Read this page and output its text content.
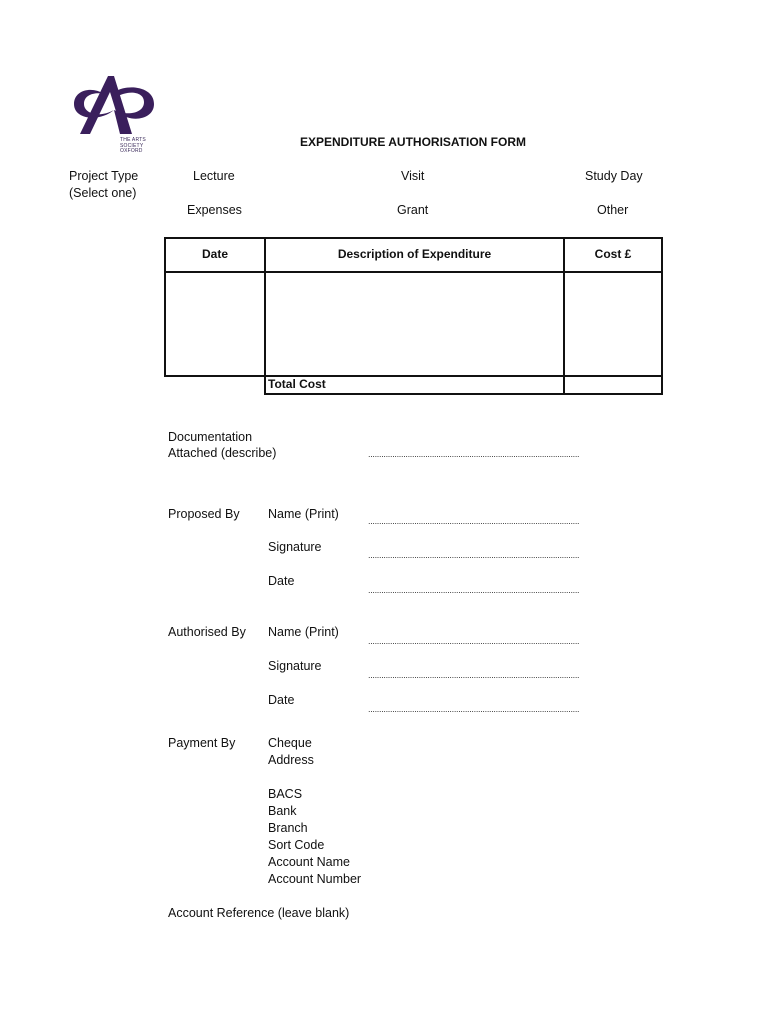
THE ARTS
SOCIETY
OXFORD
EXPENDITURE AUTHORISATION FORM
Project Type
(Select one)
Lecture	Visit	Study Day
Expenses	Grant	Other
Date	Description of Expenditure	Cost £
Total Cost
Documentation
Attached (describe)	................................................................................................
Proposed By Name (Print)	................................................................................................
Signature
................................................................................................
Date
................................................................................................
Authorised By Name (Print)
................................................................................................
Signature
................................................................................................
Date
................................................................................................
Payment By	Cheque
Address
BACS
Bank
Branch
Sort Code
Account Name
Account Number
Account Reference (leave blank)
